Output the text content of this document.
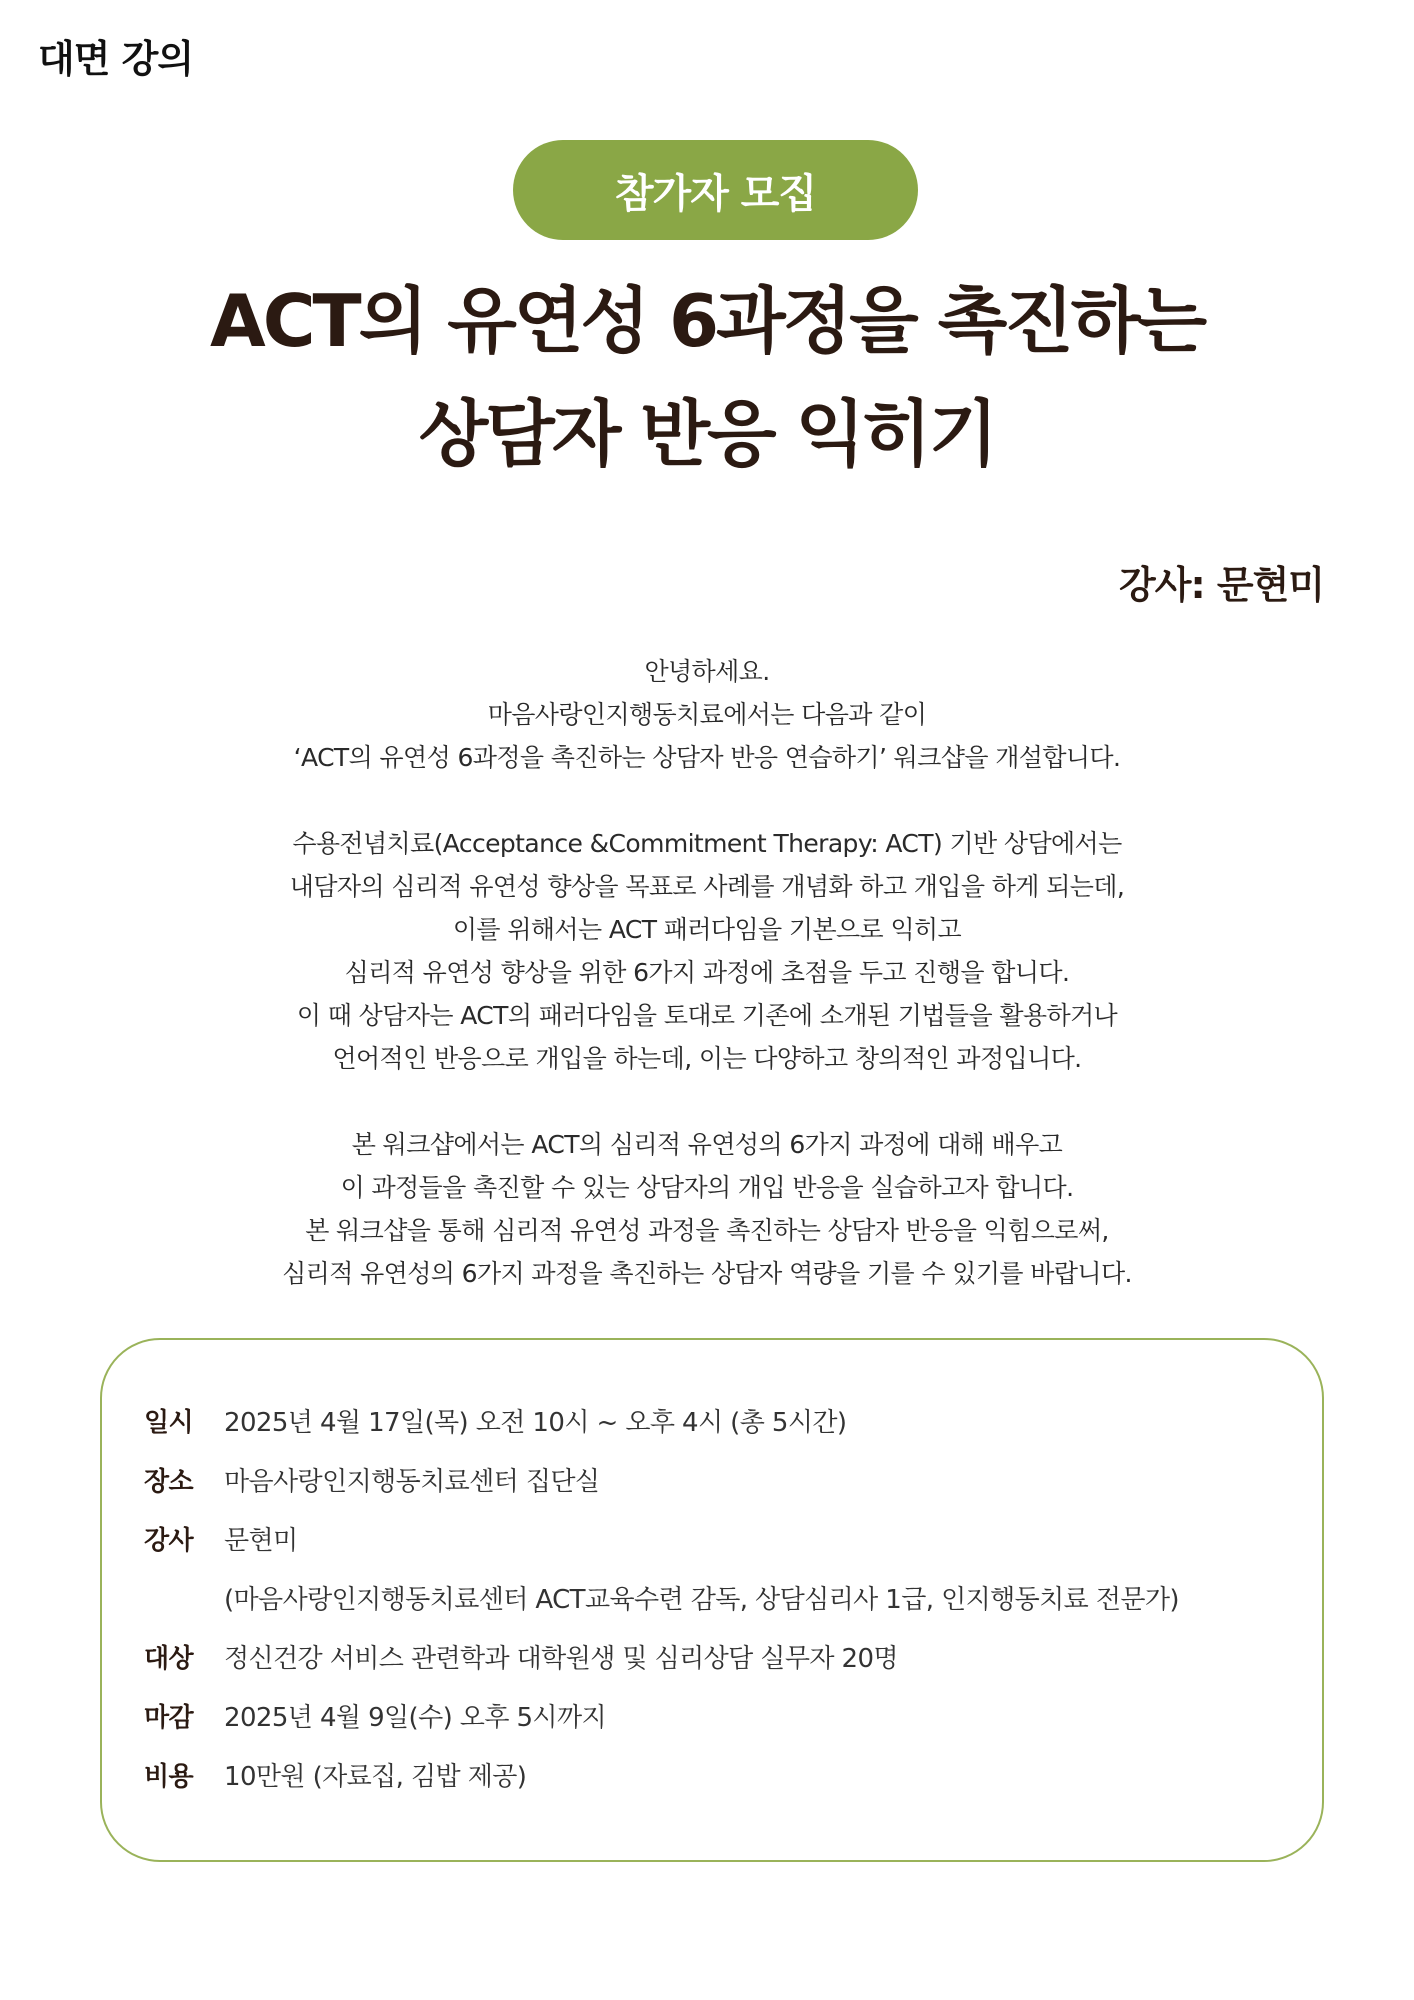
대면 강의
참가자 모집
ACT의 유연성 6과정을 촉진하는
상담자 반응 익히기
강사: 문현미
안녕하세요.
마음사랑인지행동치료에서는 다음과 같이
‘ACT의 유연성 6과정을 촉진하는 상담자 반응 연습하기’ 워크샵을 개설합니다.
수용전념치료(Acceptance &Commitment Therapy: ACT) 기반 상담에서는
내담자의 심리적 유연성 향상을 목표로 사례를 개념화 하고 개입을 하게 되는데,
이를 위해서는 ACT 패러다임을 기본으로 익히고
심리적 유연성 향상을 위한 6가지 과정에 초점을 두고 진행을 합니다.
이 때 상담자는 ACT의 패러다임을 토대로 기존에 소개된 기법들을 활용하거나
언어적인 반응으로 개입을 하는데, 이는 다양하고 창의적인 과정입니다.
본 워크샵에서는 ACT의 심리적 유연성의 6가지 과정에 대해 배우고
이 과정들을 촉진할 수 있는 상담자의 개입 반응을 실습하고자 합니다.
본 워크샵을 통해 심리적 유연성 과정을 촉진하는 상담자 반응을 익힘으로써,
심리적 유연성의 6가지 과정을 촉진하는 상담자 역량을 기를 수 있기를 바랍니다.
일시	2025년 4월 17일(목) 오전 10시 ~ 오후 4시 (총 5시간)
장소	마음사랑인지행동치료센터 집단실
강사	문현미
(마음사랑인지행동치료센터 ACT교육수련 감독, 상담심리사 1급, 인지행동치료 전문가)
대상	정신건강 서비스 관련학과 대학원생 및 심리상담 실무자 20명
마감	2025년 4월 9일(수) 오후 5시까지
비용	10만원 (자료집, 김밥 제공)
